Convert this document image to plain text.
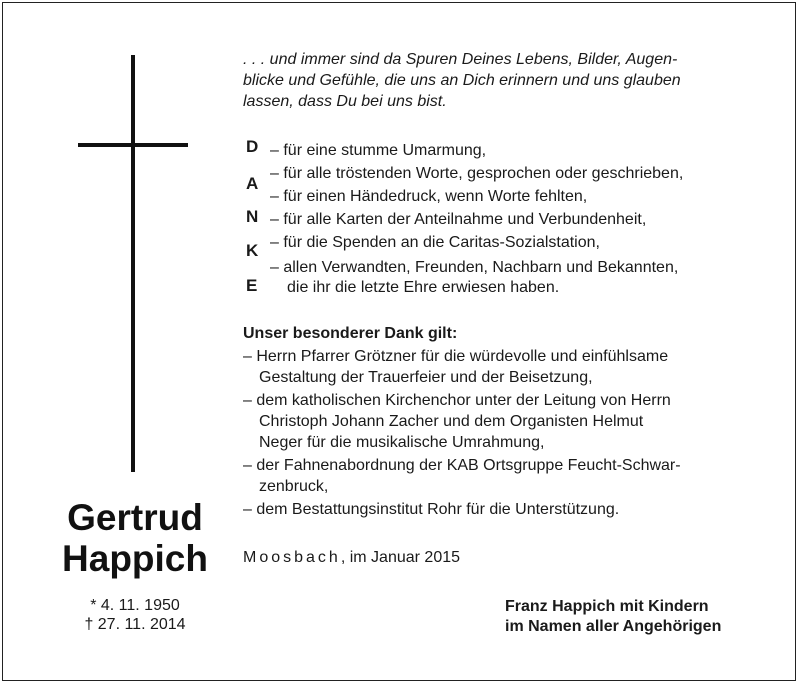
. . . und immer sind da Spuren Deines Lebens, Bilder, Augen-
blicke und Gefühle, die uns an Dich erinnern und uns glauben
lassen, dass Du bei uns bist.
D
A
N
K
E
– für eine stumme Umarmung,
– für alle tröstenden Worte, gesprochen oder geschrieben,
– für einen Händedruck, wenn Worte fehlten,
– für alle Karten der Anteilnahme und Verbundenheit,
– für die Spenden an die Caritas-Sozialstation,
– allen Verwandten, Freunden, Nachbarn und Bekannten,
die ihr die letzte Ehre erwiesen haben.
Unser besonderer Dank gilt:
– Herrn Pfarrer Grötzner für die würdevolle und einfühlsame
Gestaltung der Trauerfeier und der Beisetzung,
– dem katholischen Kirchenchor unter der Leitung von Herrn
Christoph Johann Zacher und dem Organisten Helmut
Neger für die musikalische Umrahmung,
– der Fahnenabordnung der KAB Ortsgruppe Feucht-Schwar-
zenbruck,
– dem Bestattungsinstitut Rohr für die Unterstützung.
Moosbach, im Januar 2015
Gertrud
Happich
* 4. 11. 1950
† 27. 11. 2014
Franz Happich mit Kindern
im Namen aller Angehörigen
